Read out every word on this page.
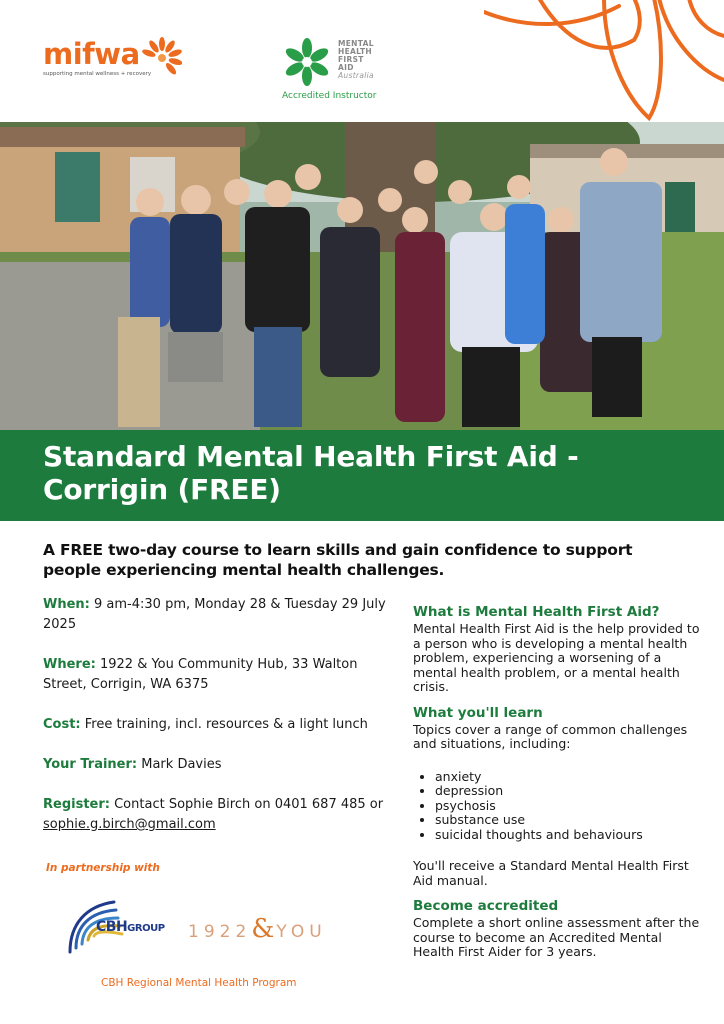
mifwa
supporting mental wellness + recovery
MENTAL
HEALTH
FIRST AID
Australia
Accredited Instructor
Standard Mental Health First Aid - Corrigin (FREE)
A FREE two-day course to learn skills and gain confidence to support people experiencing mental health challenges.
When: 9 am-4:30 pm, Monday 28 & Tuesday 29 July 2025
Where: 1922 & You Community Hub, 33 Walton Street, Corrigin, WA 6375
Cost: Free training, incl. resources & a light lunch
Your Trainer: Mark Davies
Register: Contact Sophie Birch on 0401 687 485 or
sophie.g.birch@gmail.com
In partnership with
CBHGROUP 1922&YOU
CBH Regional Mental Health Program
What is Mental Health First Aid?

Mental Health First Aid is the help provided to a person who is developing a mental health problem, experiencing a worsening of a mental health problem, or a mental health crisis.

What you'll learn
Topics cover a range of common challenges and situations, including:
• anxiety
• depression
• psychosis
• substance use
• suicidal thoughts and behaviours

You'll receive a Standard Mental Health First Aid manual.

Become accredited

Complete a short online assessment after the course to become an Accredited Mental Health First Aider for 3 years.
